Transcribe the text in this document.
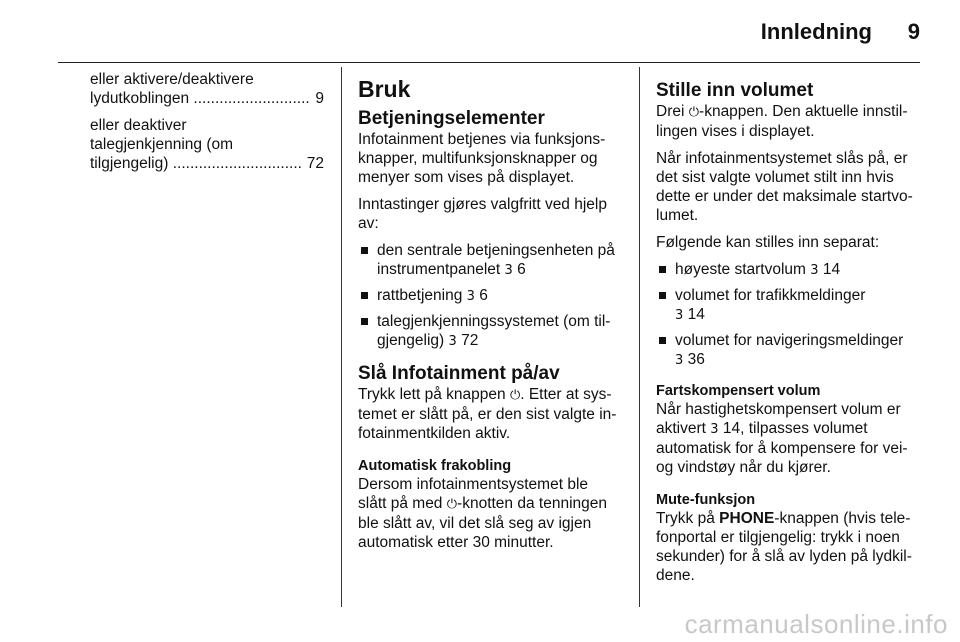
Innledning 9

eller aktivere/deaktivere

lydutkoblingen
.....
	9

eller deaktiver
talegjenkjenning (om

tilgjengelig)
.....
	72

Bruk
Betjeningselementer

Infotainment betjenes via funksjons-
knapper, multifunksjonsknapper og
menyer som vises på displayet.

Inntastinger gjøres valgfritt ved hjelp
av:

den sentrale betjeningsenheten på
instrumentpanelet 3 6
rattbetjening 3 6
talegjenkjenningssystemet (om til-
gjengelig) 3 72
Slå Infotainment på/av

Trykk lett på knappen ⏻. Etter at sys-
temet er slått på, er den sist valgte in-
fotainmentkilden aktiv.

Automatisk frakobling

Dersom infotainmentsystemet ble
slått på med ⏻-knotten da tenningen
ble slått av, vil det slå seg av igjen
automatisk etter 30 minutter.

Stille inn volumet

Drei ⏻-knappen. Den aktuelle innstil-
lingen vises i displayet.

Når infotainmentsystemet slås på, er
det sist valgte volumet stilt inn hvis
dette er under det maksimale startvo-
lumet.

Følgende kan stilles inn separat:

høyeste startvolum 3 14
volumet for trafikkmeldinger
3 14
volumet for navigeringsmeldinger
3 36
Fartskompensert volum

Når hastighetskompensert volum er
aktivert 3 14, tilpasses volumet
automatisk for å kompensere for vei-
og vindstøy når du kjører.

Mute-funksjon

Trykk på PHONE-knappen (hvis tele-
fonportal er tilgjengelig: trykk i noen
sekunder) for å slå av lyden på lydkil-
dene.

carmanualsonline.info
